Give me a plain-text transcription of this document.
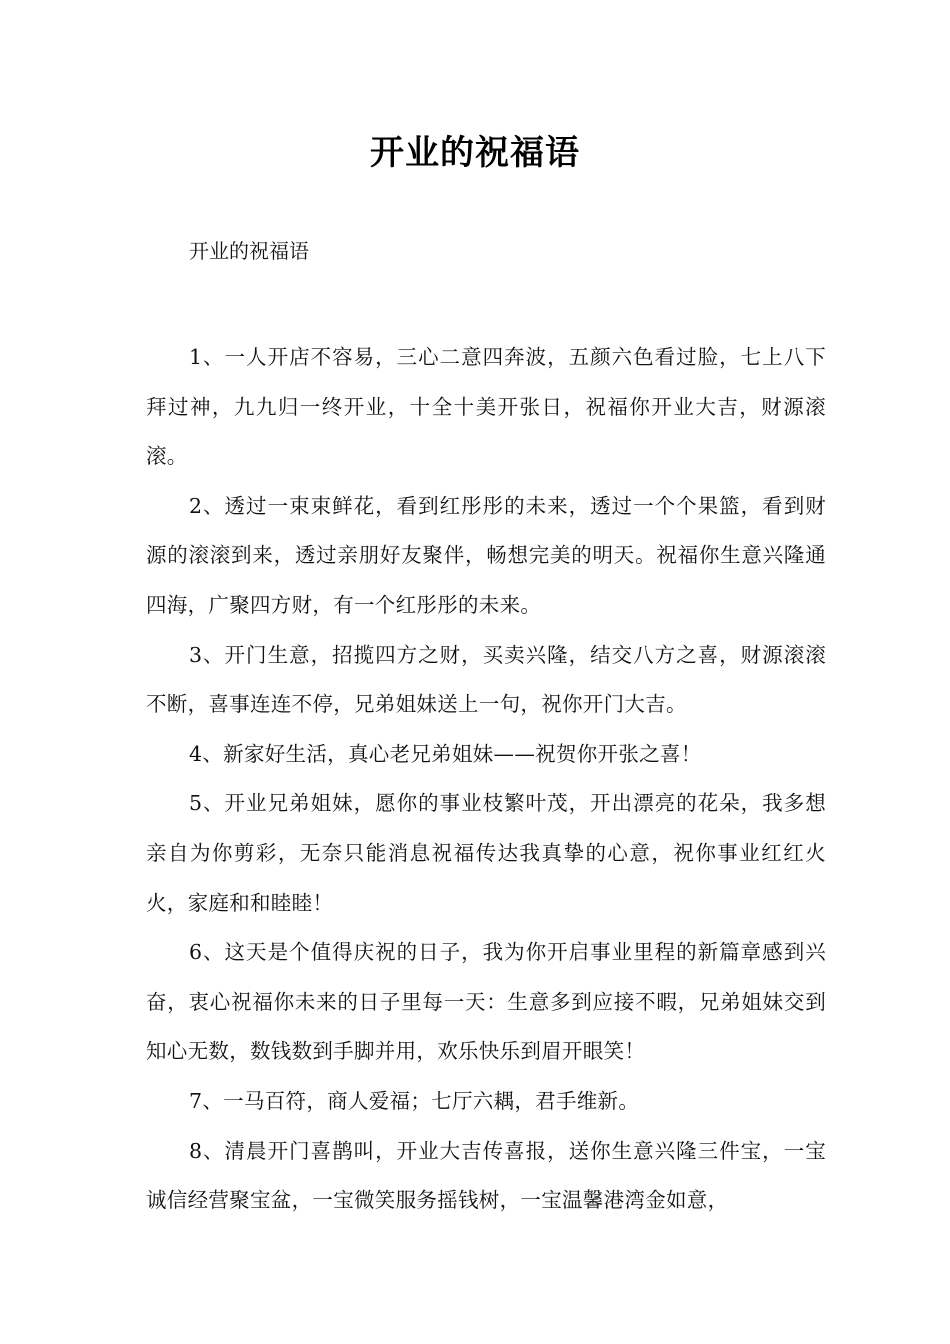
开业的祝福语

开业的祝福语

1、一人开店不容易，三心二意四奔波，五颜六色看过脸，七上八下拜过神，九九归一终开业，十全十美开张日，祝福你开业大吉，财源滚滚。

2、透过一束束鲜花，看到红彤彤的未来，透过一个个果篮，看到财源的滚滚到来，透过亲朋好友聚伴，畅想完美的明天。祝福你生意兴隆通四海，广聚四方财，有一个红彤彤的未来。

3、开门生意，招揽四方之财，买卖兴隆，结交八方之喜，财源滚滚不断，喜事连连不停，兄弟姐妹送上一句，祝你开门大吉。

4、新家好生活，真心老兄弟姐妹——祝贺你开张之喜！

5、开业兄弟姐妹，愿你的事业枝繁叶茂，开出漂亮的花朵，我多想亲自为你剪彩，无奈只能消息祝福传达我真挚的心意，祝你事业红红火火，家庭和和睦睦！

6、这天是个值得庆祝的日子，我为你开启事业里程的新篇章感到兴奋，衷心祝福你未来的日子里每一天：生意多到应接不暇，兄弟姐妹交到知心无数，数钱数到手脚并用，欢乐快乐到眉开眼笑！

7、一马百符，商人爱福；七厅六耦，君手维新。

8、清晨开门喜鹊叫，开业大吉传喜报，送你生意兴隆三件宝，一宝诚信经营聚宝盆，一宝微笑服务摇钱树，一宝温馨港湾金如意，
